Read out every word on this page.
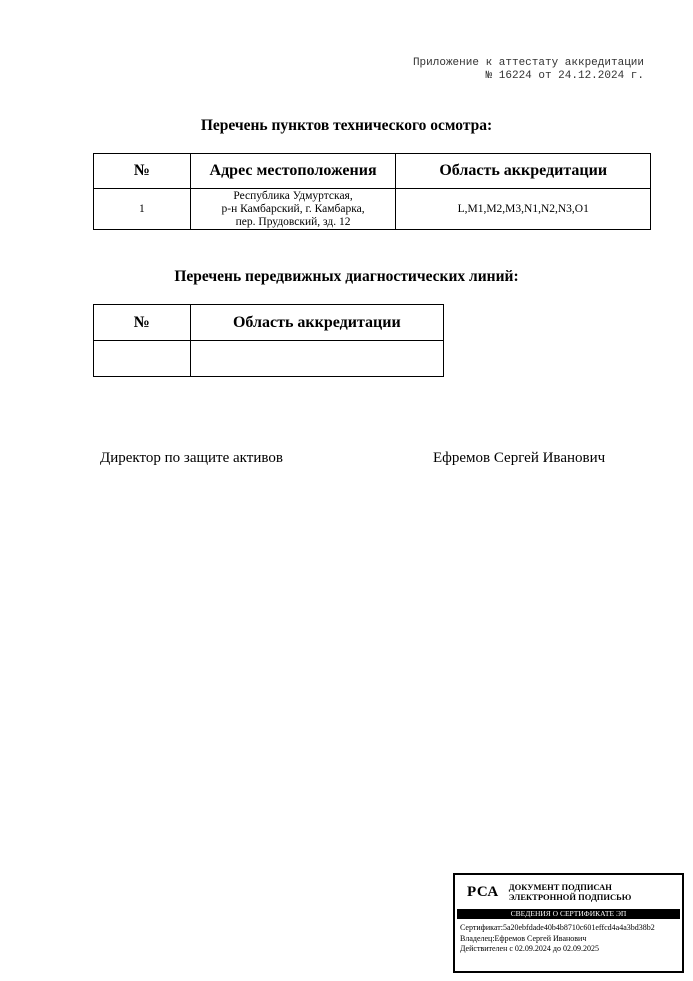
Приложение к аттестату аккредитации
№ 16224 от 24.12.2024 г.
Перечень пунктов технического осмотра:
№	Адрес местоположения	Область аккредитации
1	Республика Удмуртская,
р-н Камбарский, г. Камбарка,
пер. Прудовский, зд. 12	L,M1,M2,M3,N1,N2,N3,O1
Перечень передвижных диагностических линий:
№	Область аккредитации

Директор по защите активов	Ефремов Сергей Иванович
РСА ДОКУМЕНТ ПОДПИСАН
ЭЛЕКТРОННОЙ ПОДПИСЬЮ
СВЕДЕНИЯ О СЕРТИФИКАТЕ ЭП
Сертификат:5a20ebfdade40b4b8710c601effcd4a4a3bd38b2
Владелец:Ефремов Сергей Иванович
Действителен с 02.09.2024 до 02.09.2025
